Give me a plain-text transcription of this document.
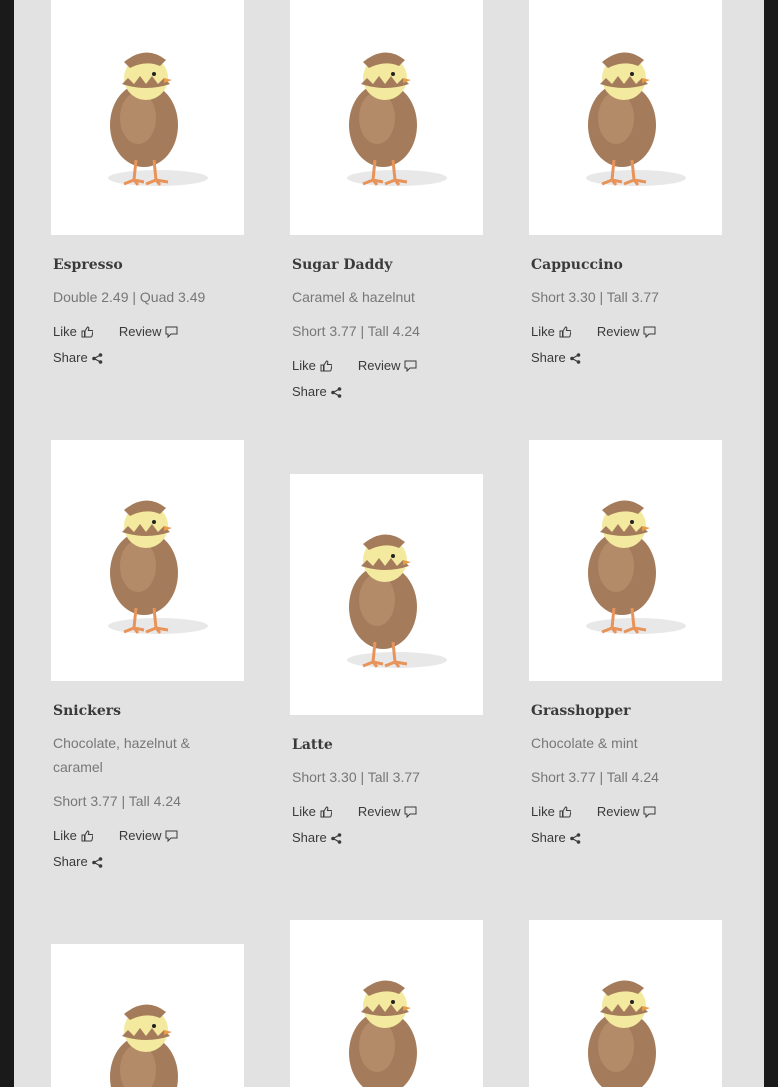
Espresso
Double 2.49 | Quad 3.49
Like	Review
Share
Sugar Daddy
Caramel & hazelnut
Short 3.77 | Tall 4.24
Like	Review
Share
Cappuccino
Short 3.30 | Tall 3.77
Like	Review
Share
Snickers
Chocolate, hazelnut & caramel
Short 3.77 | Tall 4.24
Like	Review
Share
Latte
Short 3.30 | Tall 3.77
Like	Review
Share
Grasshopper
Chocolate & mint
Short 3.77 | Tall 4.24
Like	Review
Share
